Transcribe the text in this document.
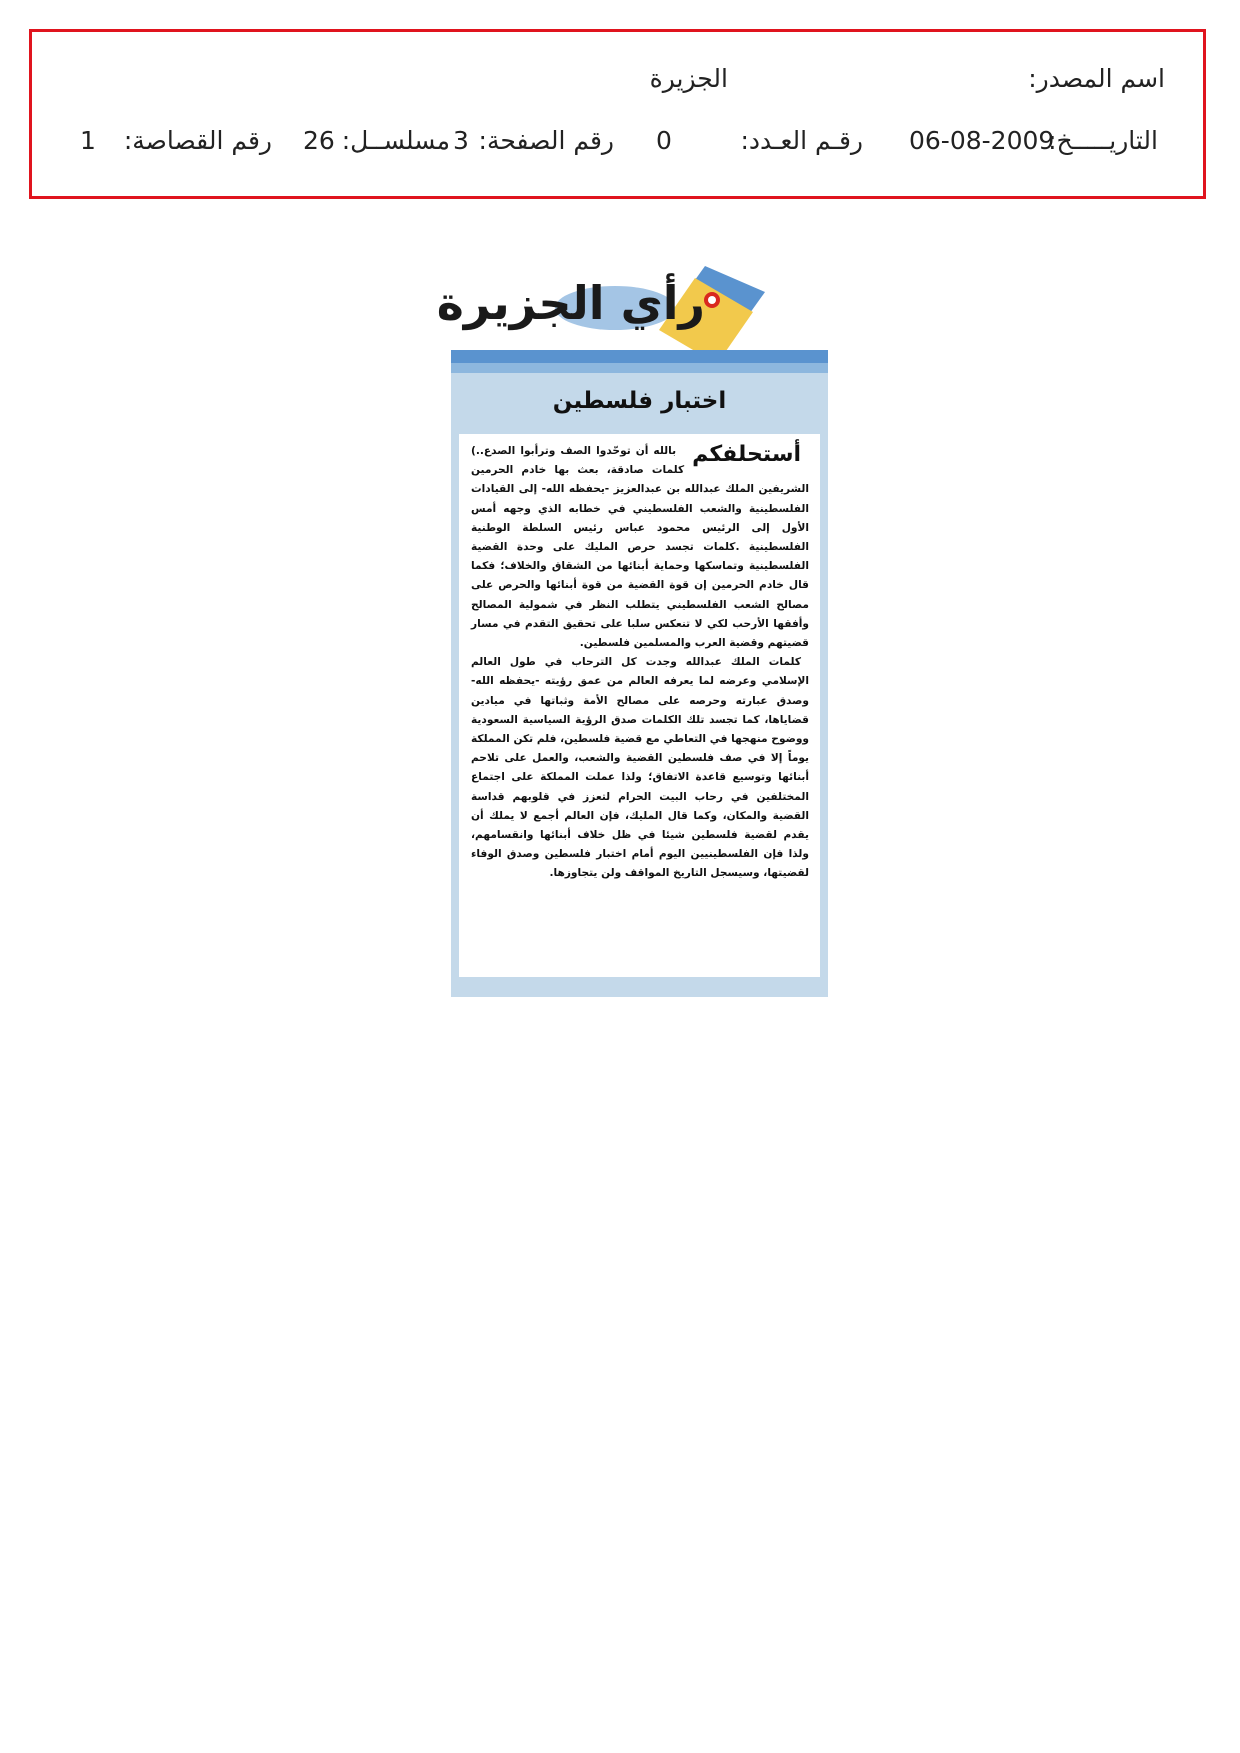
اسم المصدر:
الجزيرة
التاريـــــخ:
06-08-2009
رقـم العـدد:
0
رقم الصفحة:
3
مسلســل:
26
رقم القصاصة:
1
رأي الجزيرة
اختبار فلسطين

أستحلفكم
بالله أن توحّدوا الصف وترأبوا الصدع..) كلمات صادقة، بعث بها خادم الحرمين الشريفين الملك عبدالله بن عبدالعزيز -يحفظه الله- إلى القيادات الفلسطينية والشعب الفلسطيني في خطابه الذي وجهه أمس الأول إلى الرئيس محمود عباس رئيس السلطة الوطنية الفلسطينية .كلمات تجسد حرص المليك على وحدة القضية الفلسطينية وتماسكها وحماية أبنائها من الشقاق والخلاف؛ فكما قال خادم الحرمين إن قوة القضية من قوة أبنائها والحرص على مصالح الشعب الفلسطيني يتطلب النظر في شمولية المصالح وأفقها الأرحب لكي لا تنعكس سلبا على تحقيق التقدم في مسار قضيتهم وقضية العرب والمسلمين فلسطين.

كلمات الملك عبدالله وجدت كل الترحاب في طول العالم الإسلامي وعرضه لما يعرفه العالم من عمق رؤيته -يحفظه الله- وصدق عبارته وحرصه على مصالح الأمة وثباتها في ميادين قضاياها، كما تجسد تلك الكلمات صدق الرؤية السياسية السعودية ووضوح منهجها في التعاطي مع قضية فلسطين، فلم تكن المملكة يوماً إلا في صف فلسطين القضية والشعب، والعمل على تلاحم أبنائها وتوسيع قاعدة الاتفاق؛ ولذا عملت المملكة على اجتماع المختلفين في رحاب البيت الحرام لتعزز في قلوبهم قداسة القضية والمكان، وكما قال المليك، فإن العالم أجمع لا يملك أن يقدم لقضية فلسطين شيئا في ظل خلاف أبنائها وانقسامهم، ولذا فإن الفلسطينيين اليوم أمام اختبار فلسطين وصدق الوفاء لقضيتها، وسيسجل التاريخ المواقف ولن يتجاوزها.
